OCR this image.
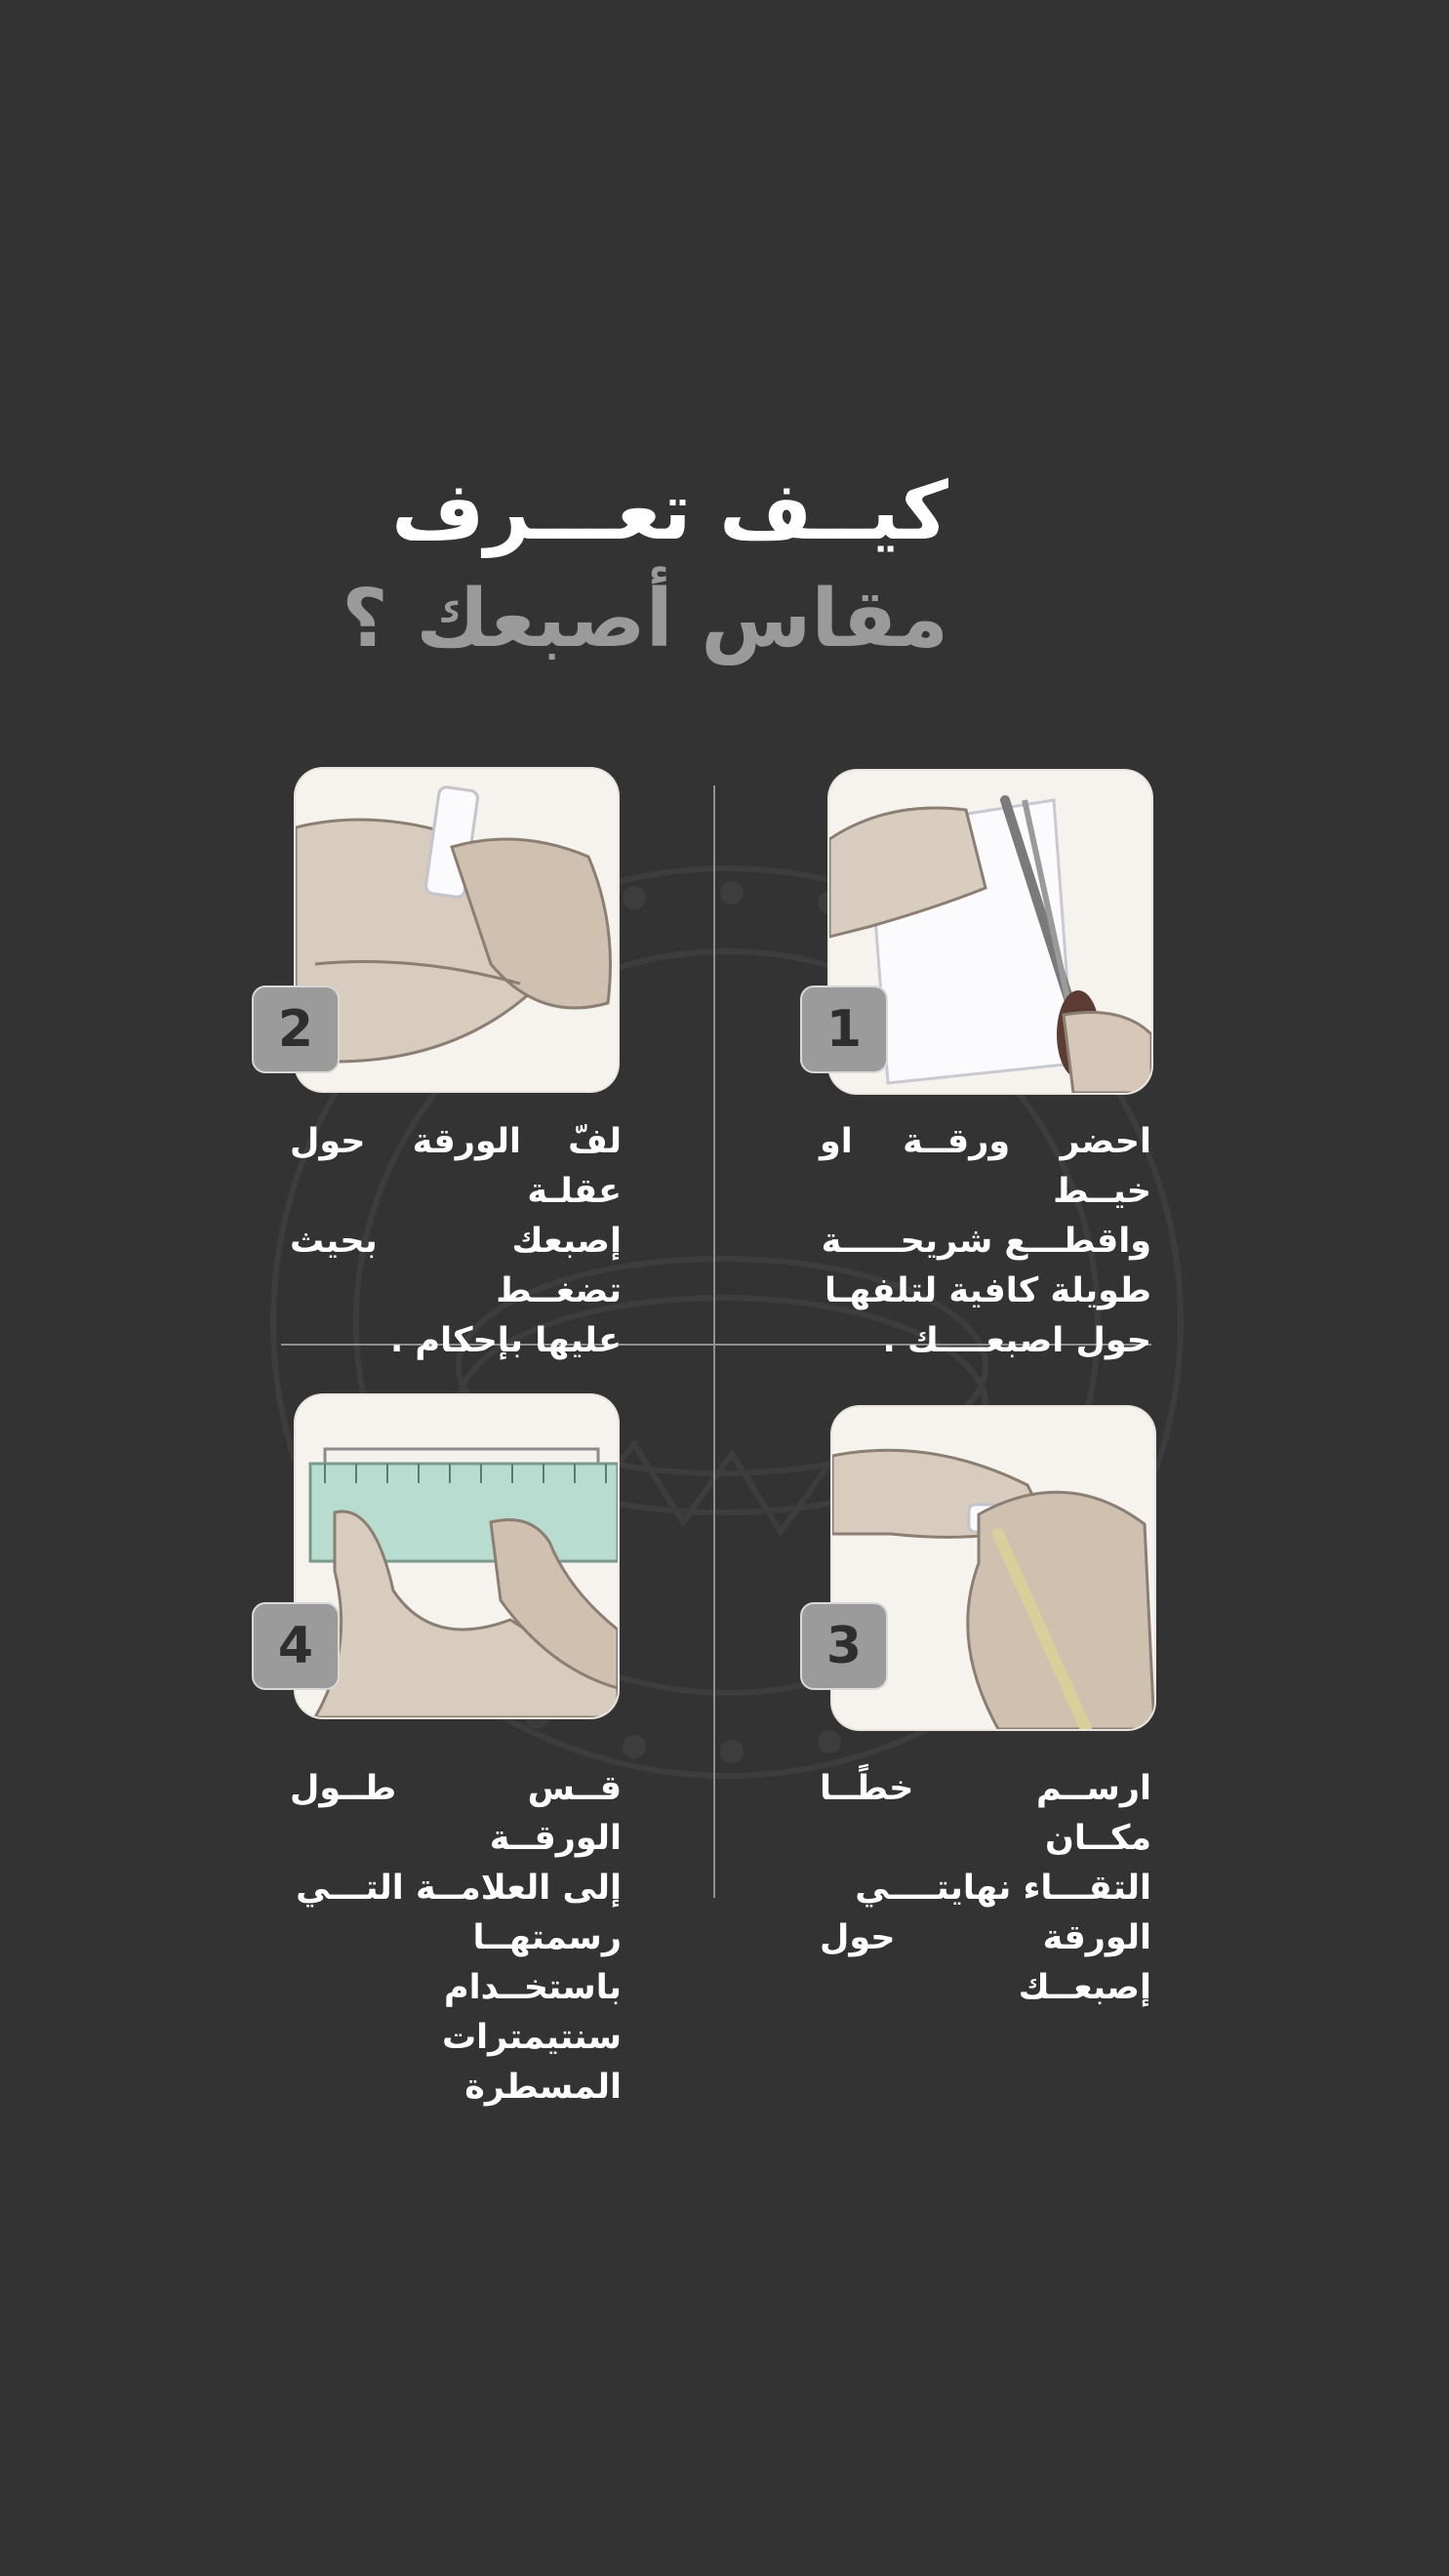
كيــف تعـــرف
مقاس أصبعك ؟
1

احضر ورقــة او خيــط
واقطـــع شريحـــــة
طويلة كافية لتلفهـا
حول اصبعــــك .

2

لفّ الورقة حول عقلـة
إصبعك بحيث تضغــط
عليها بإحكام .

3

ارســم خطًــا مكــان
التقـــاء نهايتــــي
الورقة حول إصبعــك

4

قــس طــول الورقــة
إلى العلامــة التـــي
رسمتهــا باستخــدام
سنتيمترات المسطرة
